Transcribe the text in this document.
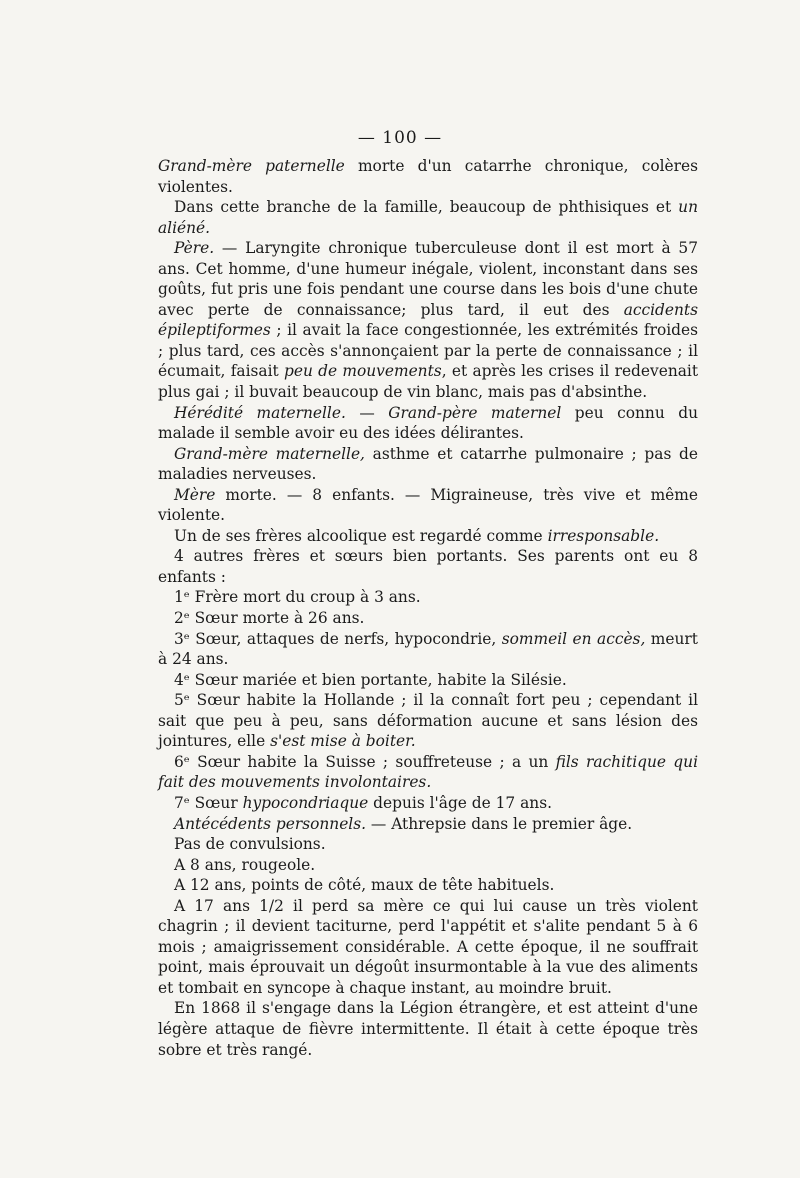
— 100 —

Grand-mère paternelle morte d'un catarrhe chronique, colères violentes.

Dans cette branche de la famille, beaucoup de phthisiques et un aliéné.

Père. — Laryngite chronique tuberculeuse dont il est mort à 57 ans. Cet homme, d'une humeur inégale, violent, inconstant dans ses goûts, fut pris une fois pendant une course dans les bois d'une chute avec perte de connaissance; plus tard, il eut des accidents épileptiformes ; il avait la face congestionnée, les extrémités froides ; plus tard, ces accès s'annonçaient par la perte de connaissance ; il écumait, faisait peu de mouvements, et après les crises il redevenait plus gai ; il buvait beaucoup de vin blanc, mais pas d'absinthe.

Hérédité maternelle. — Grand-père maternel peu connu du malade il semble avoir eu des idées délirantes.

Grand-mère maternelle, asthme et catarrhe pulmonaire ; pas de maladies nerveuses.

Mère morte. — 8 enfants. — Migraineuse, très vive et même violente.

Un de ses frères alcoolique est regardé comme irresponsable.

4 autres frères et sœurs bien portants. Ses parents ont eu 8 enfants :

1ᵉ Frère mort du croup à 3 ans.

2ᵉ Sœur morte à 26 ans.

3ᵉ Sœur, attaques de nerfs, hypocondrie, sommeil en accès, meurt à 24 ans.

4ᵉ Sœur mariée et bien portante, habite la Silésie.

5ᵉ Sœur habite la Hollande ; il la connaît fort peu ; cependant il sait que peu à peu, sans déformation aucune et sans lésion des jointures, elle s'est mise à boiter.

6ᵉ Sœur habite la Suisse ; souffreteuse ; a un fils rachitique qui fait des mouvements involontaires.

7ᵉ Sœur hypocondriaque depuis l'âge de 17 ans.

Antécédents personnels. — Athrepsie dans le premier âge.

Pas de convulsions.

A 8 ans, rougeole.

A 12 ans, points de côté, maux de tête habituels.

A 17 ans 1/2 il perd sa mère ce qui lui cause un très violent chagrin ; il devient taciturne, perd l'appétit et s'alite pendant 5 à 6 mois ; amaigrissement considérable. A cette époque, il ne souffrait point, mais éprouvait un dégoût insurmontable à la vue des aliments et tombait en syncope à chaque instant, au moindre bruit.

En 1868 il s'engage dans la Légion étrangère, et est atteint d'une légère attaque de fièvre intermittente. Il était à cette époque très sobre et très rangé.
